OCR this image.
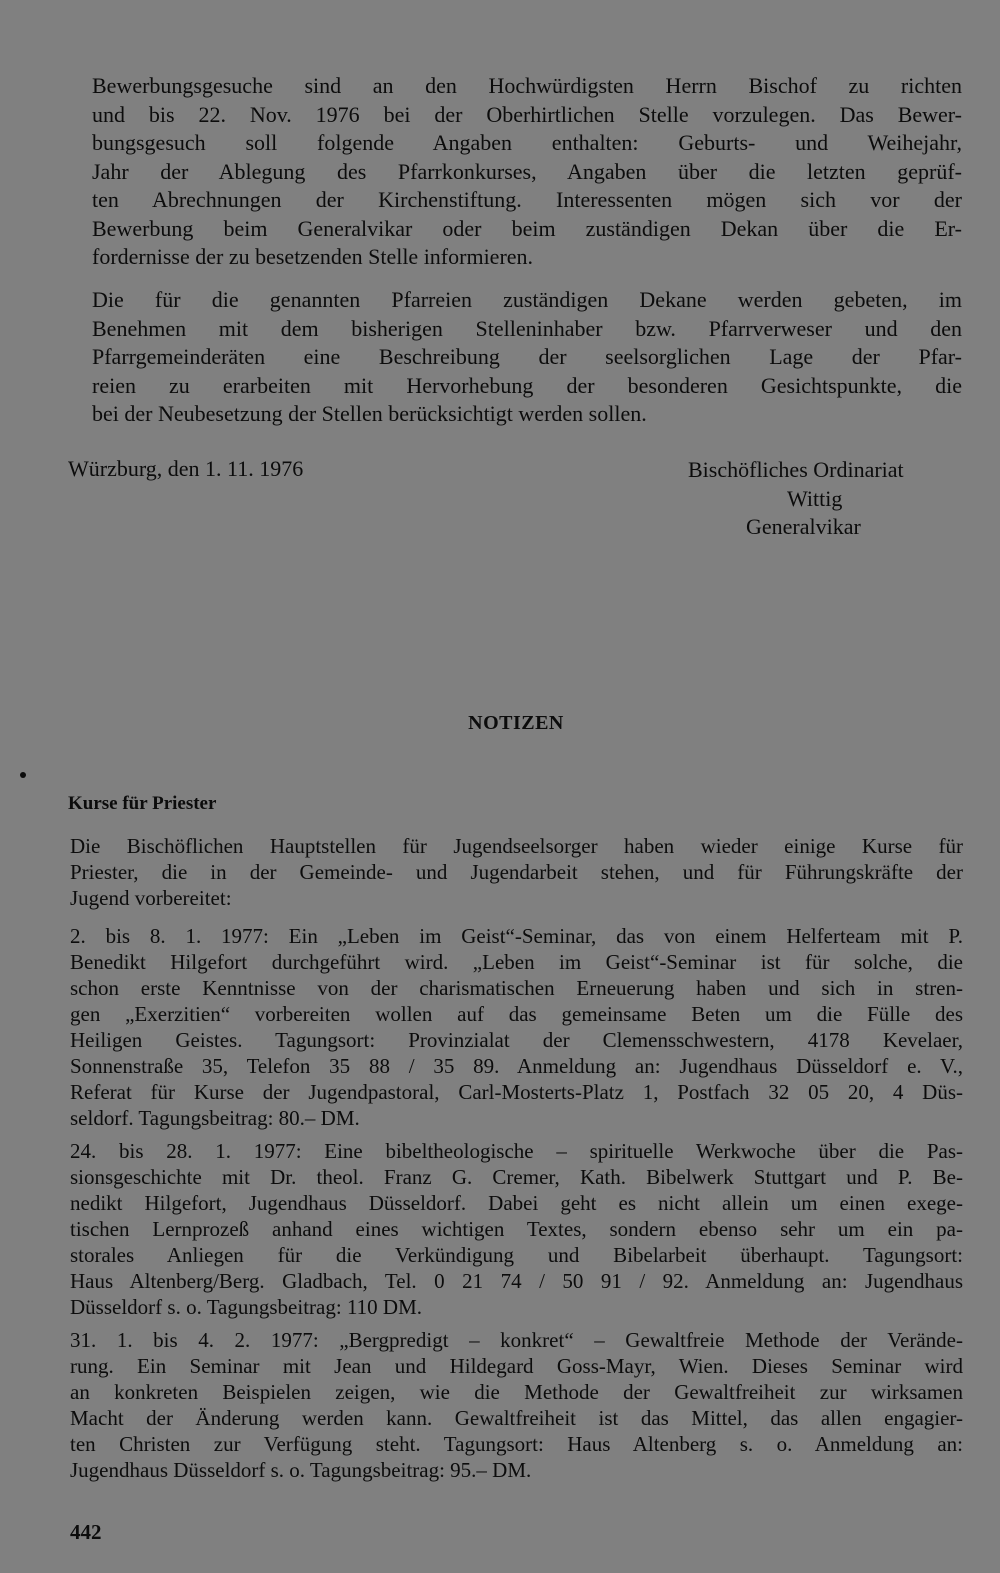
Bewerbungsgesuche sind an den Hochwürdigsten Herrn Bischof zu richten
und bis 22. Nov. 1976 bei der Oberhirtlichen Stelle vorzulegen. Das Bewer-
bungsgesuch soll folgende Angaben enthalten: Geburts- und Weihejahr,
Jahr der Ablegung des Pfarrkonkurses, Angaben über die letzten geprüf-
ten Abrechnungen der Kirchenstiftung. Interessenten mögen sich vor der
Bewerbung beim Generalvikar oder beim zuständigen Dekan über die Er-
fordernisse der zu besetzenden Stelle informieren.
Die für die genannten Pfarreien zuständigen Dekane werden gebeten, im
Benehmen mit dem bisherigen Stelleninhaber bzw. Pfarrverweser und den
Pfarrgemeinderäten eine Beschreibung der seelsorglichen Lage der Pfar-
reien zu erarbeiten mit Hervorhebung der besonderen Gesichtspunkte, die
bei der Neubesetzung der Stellen berücksichtigt werden sollen.
Würzburg, den 1. 11. 1976	Bischöfliches Ordinariat
Wittig
Generalvikar
NOTIZEN
Kurse für Priester
Die Bischöflichen Hauptstellen für Jugendseelsorger haben wieder einige Kurse für
Priester, die in der Gemeinde- und Jugendarbeit stehen, und für Führungskräfte der
Jugend vorbereitet:
2. bis 8. 1. 1977: Ein „Leben im Geist“-Seminar, das von einem Helferteam mit P.
Benedikt Hilgefort durchgeführt wird. „Leben im Geist“-Seminar ist für solche, die
schon erste Kenntnisse von der charismatischen Erneuerung haben und sich in stren-
gen „Exerzitien“ vorbereiten wollen auf das gemeinsame Beten um die Fülle des
Heiligen Geistes. Tagungsort: Provinzialat der Clemensschwestern, 4178 Kevelaer,
Sonnenstraße 35, Telefon 35 88 / 35 89. Anmeldung an: Jugendhaus Düsseldorf e. V.,
Referat für Kurse der Jugendpastoral, Carl-Mosterts-Platz 1, Postfach 32 05 20, 4 Düs-
seldorf. Tagungsbeitrag: 80.– DM.
24. bis 28. 1. 1977: Eine bibeltheologische – spirituelle Werkwoche über die Pas-
sionsgeschichte mit Dr. theol. Franz G. Cremer, Kath. Bibelwerk Stuttgart und P. Be-
nedikt Hilgefort, Jugendhaus Düsseldorf. Dabei geht es nicht allein um einen exege-
tischen Lernprozeß anhand eines wichtigen Textes, sondern ebenso sehr um ein pa-
storales Anliegen für die Verkündigung und Bibelarbeit überhaupt. Tagungsort:
Haus Altenberg/Berg. Gladbach, Tel. 0 21 74 / 50 91 / 92. Anmeldung an: Jugendhaus
Düsseldorf s. o. Tagungsbeitrag: 110 DM.
31. 1. bis 4. 2. 1977: „Bergpredigt – konkret“ – Gewaltfreie Methode der Verände-
rung. Ein Seminar mit Jean und Hildegard Goss-Mayr, Wien. Dieses Seminar wird
an konkreten Beispielen zeigen, wie die Methode der Gewaltfreiheit zur wirksamen
Macht der Änderung werden kann. Gewaltfreiheit ist das Mittel, das allen engagier-
ten Christen zur Verfügung steht. Tagungsort: Haus Altenberg s. o. Anmeldung an:
Jugendhaus Düsseldorf s. o. Tagungsbeitrag: 95.– DM.
442
